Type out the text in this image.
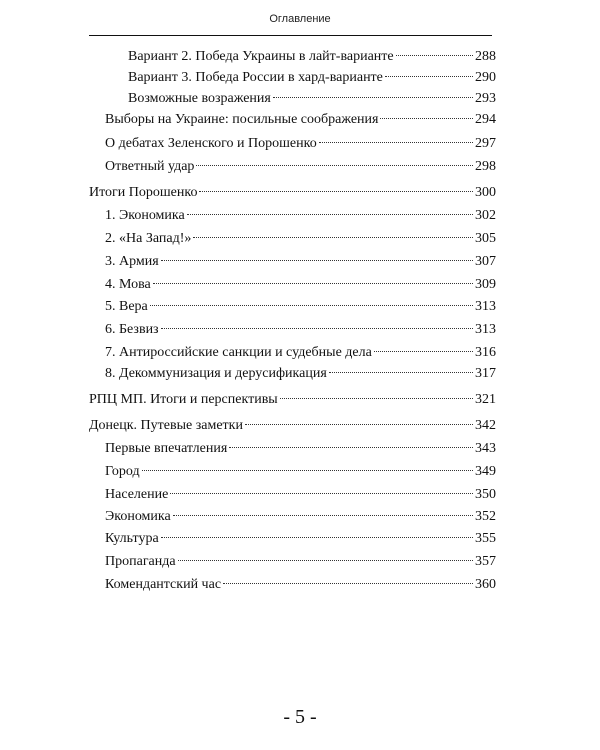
Оглавление
Вариант 2. Победа Украины в лайт-варианте	288
Вариант 3. Победа России в хард-варианте	290
Возможные возражения	293
Выборы на Украине: посильные соображения	294
О дебатах Зеленского и Порошенко	297
Ответный удар	298
Итоги Порошенко	300
1. Экономика	302
2. «На Запад!»	305
3. Армия	307
4. Мова	309
5. Вера	313
6. Безвиз	313
7. Антироссийские санкции и судебные дела	316
8. Декоммунизация и дерусификация	317
РПЦ МП. Итоги и перспективы	321
Донецк. Путевые заметки	342
Первые впечатления	343
Город	349
Население	350
Экономика	352
Культура	355
Пропаганда	357
Комендантский час	360
- 5 -
